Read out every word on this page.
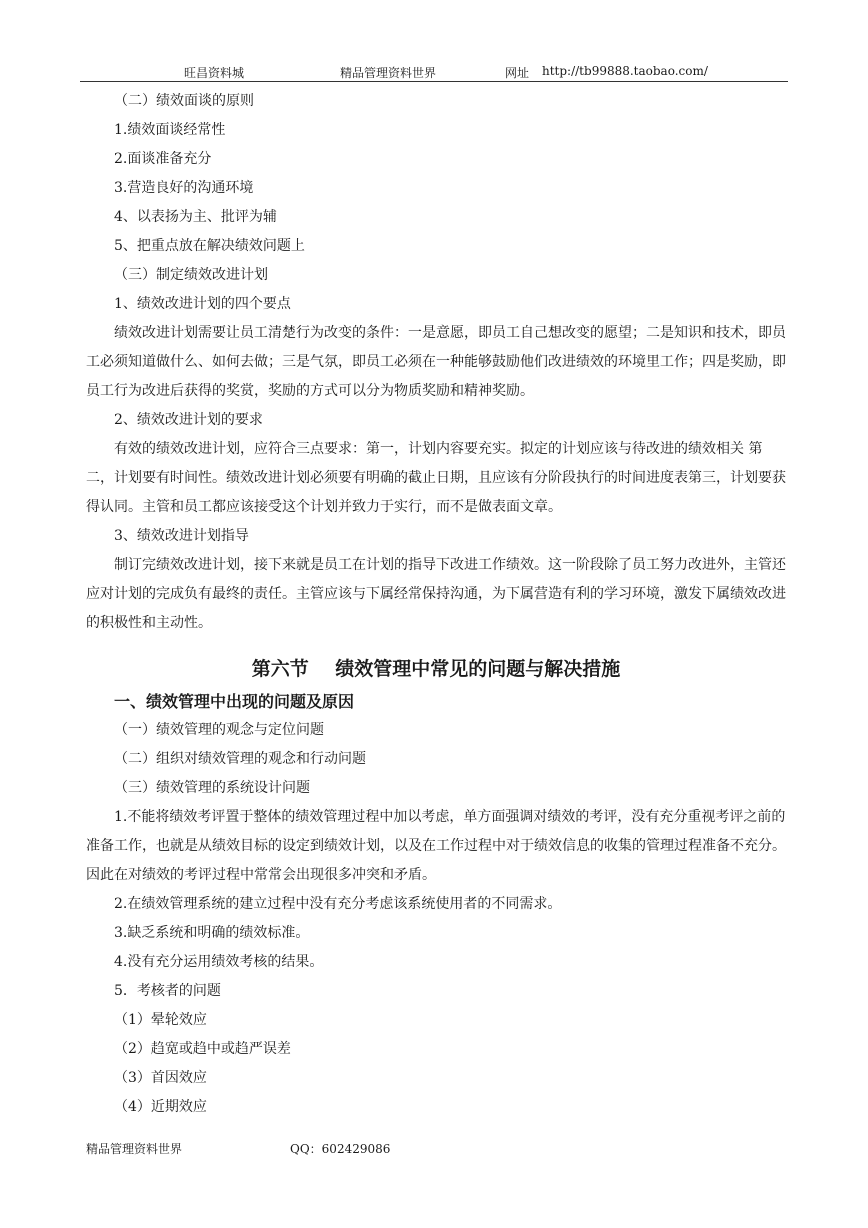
旺昌资料城	精品管理资料世界	网址 http://tb99888.taobao.com/

（二）绩效面谈的原则

1.绩效面谈经常性

2.面谈准备充分

3.营造良好的沟通环境

4、以表扬为主、批评为辅

5、把重点放在解决绩效问题上

（三）制定绩效改进计划

1、绩效改进计划的四个要点

绩效改进计划需要让员工清楚行为改变的条件：一是意愿，即员工自己想改变的愿望；二是知识和技术，即员工必须知道做什么、如何去做；三是气氛，即员工必须在一种能够鼓励他们改进绩效的环境里工作；四是奖励，即员工行为改进后获得的奖赏，奖励的方式可以分为物质奖励和精神奖励。

2、绩效改进计划的要求

有效的绩效改进计划，应符合三点要求：第一，计划内容要充实。拟定的计划应该与待改进的绩效相关 第二，计划要有时间性。绩效改进计划必须要有明确的截止日期，且应该有分阶段执行的时间进度表第三，计划要获得认同。主管和员工都应该接受这个计划并致力于实行，而不是做表面文章。

3、绩效改进计划指导

制订完绩效改进计划，接下来就是员工在计划的指导下改进工作绩效。这一阶段除了员工努力改进外，主管还应对计划的完成负有最终的责任。主管应该与下属经常保持沟通，为下属营造有利的学习环境，激发下属绩效改进的积极性和主动性。

第六节    绩效管理中常见的问题与解决措施
一、绩效管理中出现的问题及原因

（一）绩效管理的观念与定位问题

（二）组织对绩效管理的观念和行动问题

（三）绩效管理的系统设计问题

1.不能将绩效考评置于整体的绩效管理过程中加以考虑，单方面强调对绩效的考评，没有充分重视考评之前的准备工作，也就是从绩效目标的设定到绩效计划，以及在工作过程中对于绩效信息的收集的管理过程准备不充分。因此在对绩效的考评过程中常常会出现很多冲突和矛盾。

2.在绩效管理系统的建立过程中没有充分考虑该系统使用者的不同需求。

3.缺乏系统和明确的绩效标准。

4.没有充分运用绩效考核的结果。

5．考核者的问题

（1）晕轮效应

（2）趋宽或趋中或趋严误差

（3）首因效应

（4）近期效应

精品管理资料世界	QQ：602429086
